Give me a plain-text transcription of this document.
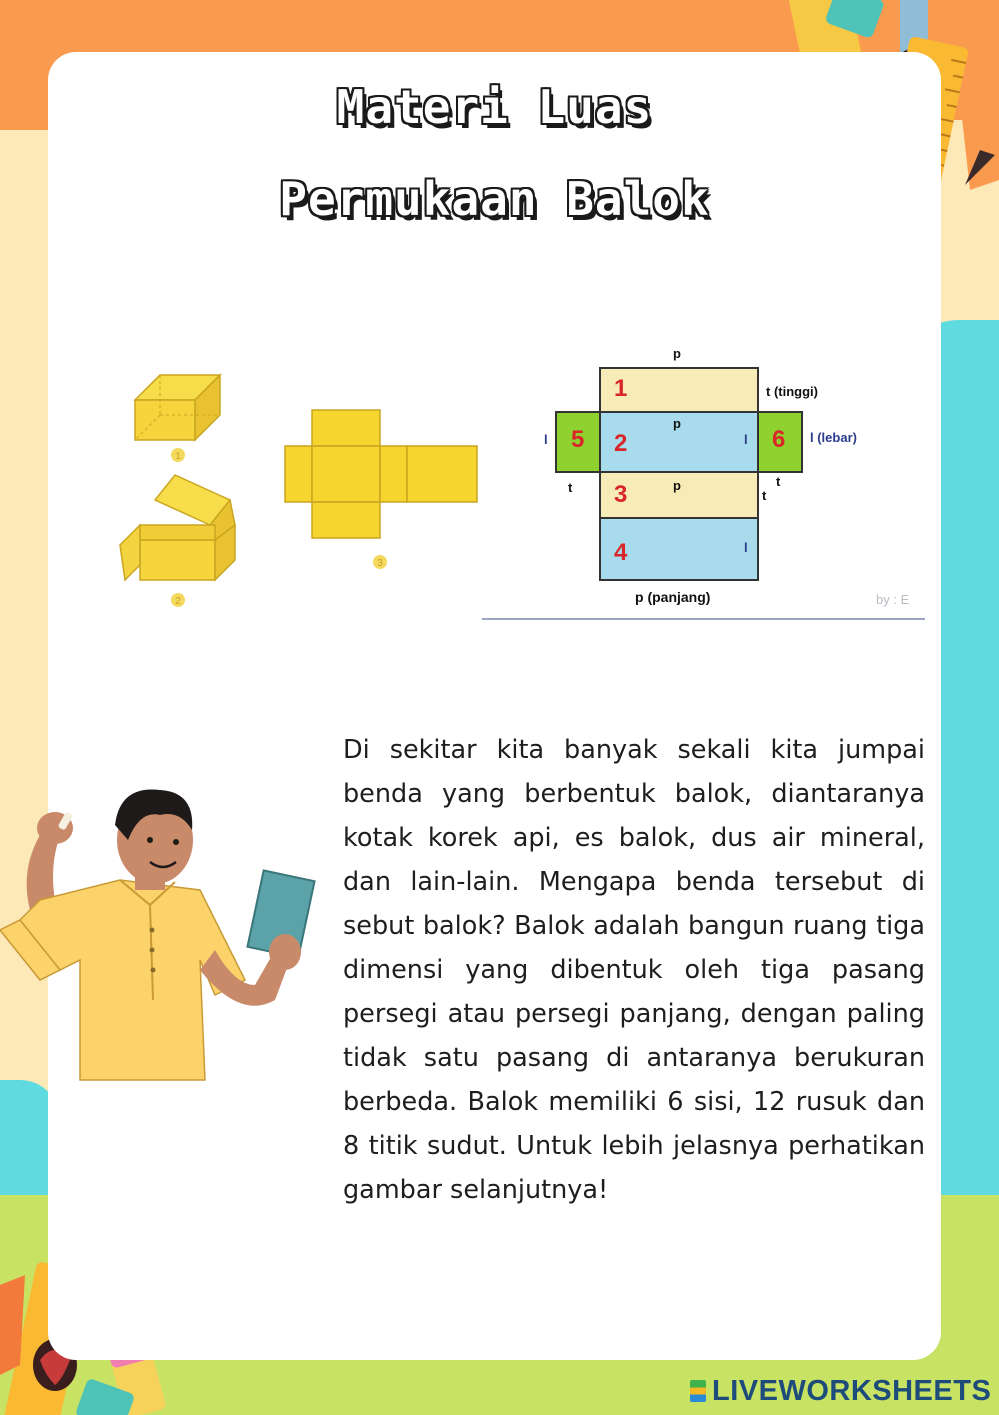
Materi Luas
Permukaan Balok
1
2
3
1
2
3
4
5	6
p
p
p
t (tinggi)
l (lebar)
l	l
l
t
t
t
p (panjang)	by : E

Di sekitar kita banyak sekali kita jumpai benda yang berbentuk balok, diantaranya kotak korek api, es balok, dus air mineral, dan lain-lain. Mengapa benda tersebut di sebut balok? Balok adalah bangun ruang tiga dimensi yang dibentuk oleh tiga pasang persegi atau persegi panjang, dengan paling tidak satu pasang di antaranya berukuran berbeda. Balok memiliki 6 sisi, 12 rusuk dan 8 titik sudut. Untuk lebih jelasnya perhatikan gambar selanjutnya!

LIVEWORKSHEETS
